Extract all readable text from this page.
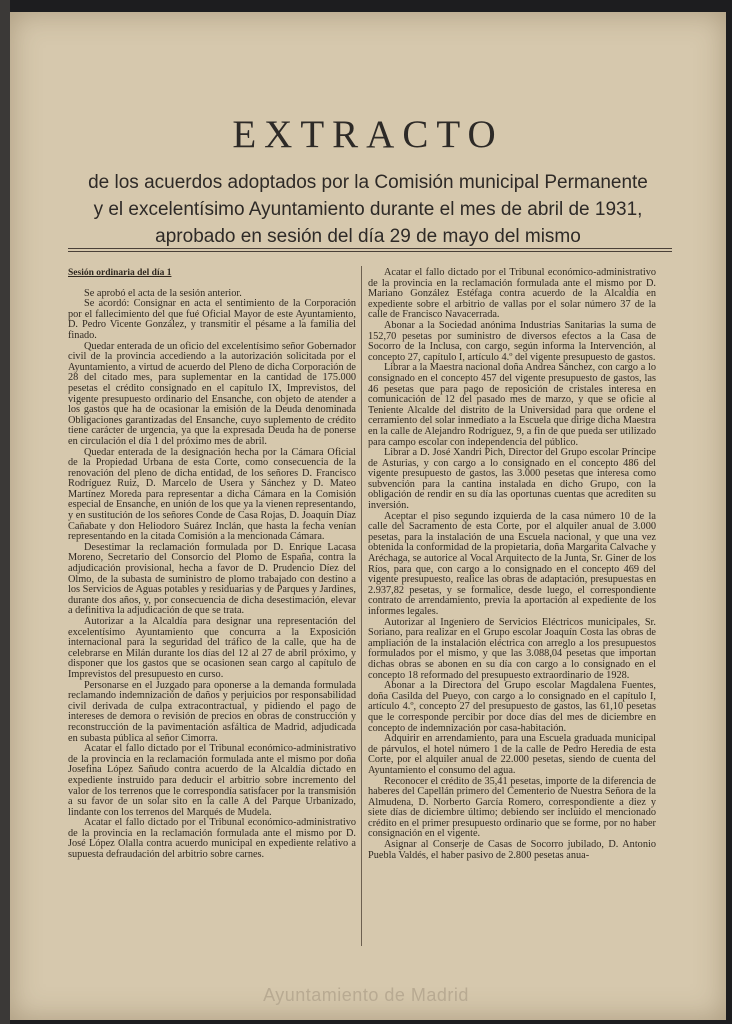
EXTRACTO
de los acuerdos adoptados por la Comisión municipal Permanente
y el excelentísimo Ayuntamiento durante el mes de abril de 1931,
aprobado en sesión del día 29 de mayo del mismo

Sesión ordinaria del día 1

Se aprobó el acta de la sesión anterior.

Se acordó: Consignar en acta el sentimiento de la Corporación por el fallecimiento del que fué Oficial Mayor de este Ayuntamiento, D. Pedro Vicente González, y transmitir el pésame a la familia del finado.

Quedar enterada de un oficio del excelentísimo señor Gobernador civil de la provincia accediendo a la autorización solicitada por el Ayuntamiento, a virtud de acuerdo del Pleno de dicha Corporación de 28 del citado mes, para suplementar en la cantidad de 175.000 pesetas el crédito consignado en el capítulo IX, Imprevistos, del vigente presupuesto ordinario del Ensanche, con objeto de atender a los gastos que ha de ocasionar la emisión de la Deuda denominada Obligaciones garantizadas del Ensanche, cuyo suplemento de crédito tiene carácter de urgencia, ya que la expresada Deuda ha de ponerse en circulación el día 1 del próximo mes de abril.

Quedar enterada de la designación hecha por la Cámara Oficial de la Propiedad Urbana de esta Corte, como consecuencia de la renovación del pleno de dicha entidad, de los señores D. Francisco Rodríguez Ruiz, D. Marcelo de Usera y Sánchez y D. Mateo Martínez Moreda para representar a dicha Cámara en la Comisión especial de Ensanche, en unión de los que ya la vienen representando, y en sustitución de los señores Conde de Casa Rojas, D. Joaquín Díaz Cañabate y don Heliodoro Suárez Inclán, que hasta la fecha venían representando en la citada Comisión a la mencionada Cámara.

Desestimar la reclamación formulada por D. Enrique Lacasa Moreno, Secretario del Consorcio del Plomo de España, contra la adjudicación provisional, hecha a favor de D. Prudencio Díez del Olmo, de la subasta de suministro de plomo trabajado con destino a los Servicios de Aguas potables y residuarias y de Parques y Jardines, durante dos años, y, por consecuencia de dicha desestimación, elevar a definitiva la adjudicación de que se trata.

Autorizar a la Alcaldía para designar una representación del excelentísimo Ayuntamiento que concurra a la Exposición internacional para la seguridad del tráfico de la calle, que ha de celebrarse en Milán durante los días del 12 al 27 de abril próximo, y disponer que los gastos que se ocasionen sean cargo al capítulo de Imprevistos del presupuesto en curso.

Personarse en el Juzgado para oponerse a la demanda formulada reclamando indemnización de daños y perjuicios por responsabilidad civil derivada de culpa extracontractual, y pidiendo el pago de intereses de demora o revisión de precios en obras de construcción y reconstrucción de la pavimentación asfáltica de Madrid, adjudicada en subasta pública al señor Cimorra.

Acatar el fallo dictado por el Tribunal económico-administrativo de la provincia en la reclamación formulada ante el mismo por doña Josefina López Sañudo contra acuerdo de la Alcaldía dictado en expediente instruido para deducir el arbitrio sobre incremento del valor de los terrenos que le correspondía satisfacer por la transmisión a su favor de un solar sito en la calle A del Parque Urbanizado, lindante con los terrenos del Marqués de Mudela.

Acatar el fallo dictado por el Tribunal económico-administrativo de la provincia en la reclamación formulada ante el mismo por D. José López Olalla contra acuerdo municipal en expediente relativo a supuesta defraudación del arbitrio sobre carnes.

Acatar el fallo dictado por el Tribunal económico-administrativo de la provincia en la reclamación formulada ante el mismo por D. Mariano González Estéfaga contra acuerdo de la Alcaldía en expediente sobre el arbitrio de vallas por el solar número 37 de la calle de Francisco Navacerrada.

Abonar a la Sociedad anónima Industrias Sanitarias la suma de 152,70 pesetas por suministro de diversos efectos a la Casa de Socorro de la Inclusa, con cargo, según informa la Intervención, al concepto 27, capítulo I, artículo 4.º del vigente presupuesto de gastos.

Librar a la Maestra nacional doña Andrea Sánchez, con cargo a lo consignado en el concepto 457 del vigente presupuesto de gastos, las 46 pesetas que para pago de reposición de cristales interesa en comunicación de 12 del pasado mes de marzo, y que se oficie al Teniente Alcalde del distrito de la Universidad para que ordene el cerramiento del solar inmediato a la Escuela que dirige dicha Maestra en la calle de Alejandro Rodríguez, 9, a fin de que pueda ser utilizado para campo escolar con independencia del público.

Librar a D. José Xandri Pich, Director del Grupo escolar Príncipe de Asturias, y con cargo a lo consignado en el concepto 486 del vigente presupuesto de gastos, las 3.000 pesetas que interesa como subvención para la cantina instalada en dicho Grupo, con la obligación de rendir en su día las oportunas cuentas que acrediten su inversión.

Aceptar el piso segundo izquierda de la casa número 10 de la calle del Sacramento de esta Corte, por el alquiler anual de 3.000 pesetas, para la instalación de una Escuela nacional, y que una vez obtenida la conformidad de la propietaria, doña Margarita Calvache y Aréchaga, se autorice al Vocal Arquitecto de la Junta, Sr. Giner de los Ríos, para que, con cargo a lo consignado en el concepto 469 del vigente presupuesto, realice las obras de adaptación, presupuestas en 2.937,82 pesetas, y se formalice, desde luego, el correspondiente contrato de arrendamiento, previa la aportación al expediente de los informes legales.

Autorizar al Ingeniero de Servicios Eléctricos municipales, Sr. Soriano, para realizar en el Grupo escolar Joaquín Costa las obras de ampliación de la instalación eléctrica con arreglo a los presupuestos formulados por el mismo, y que las 3.088,04 pesetas que importan dichas obras se abonen en su día con cargo a lo consignado en el concepto 18 reformado del presupuesto extraordinario de 1928.

Abonar a la Directora del Grupo escolar Magdalena Fuentes, doña Casilda del Pueyo, con cargo a lo consignado en el capítulo I, artículo 4.º, concepto 27 del presupuesto de gastos, las 61,10 pesetas que le corresponde percibir por doce días del mes de diciembre en concepto de indemnización por casa-habitación.

Adquirir en arrendamiento, para una Escuela graduada municipal de párvulos, el hotel número 1 de la calle de Pedro Heredia de esta Corte, por el alquiler anual de 22.000 pesetas, siendo de cuenta del Ayuntamiento el consumo del agua.

Reconocer el crédito de 35,41 pesetas, importe de la diferencia de haberes del Capellán primero del Cementerio de Nuestra Señora de la Almudena, D. Norberto García Romero, correspondiente a diez y siete días de diciembre último; debiendo ser incluido el mencionado crédito en el primer presupuesto ordinario que se forme, por no haber consignación en el vigente.

Asignar al Conserje de Casas de Socorro jubilado, D. Antonio Puebla Valdés, el haber pasivo de 2.800 pesetas anua-

Ayuntamiento de Madrid
